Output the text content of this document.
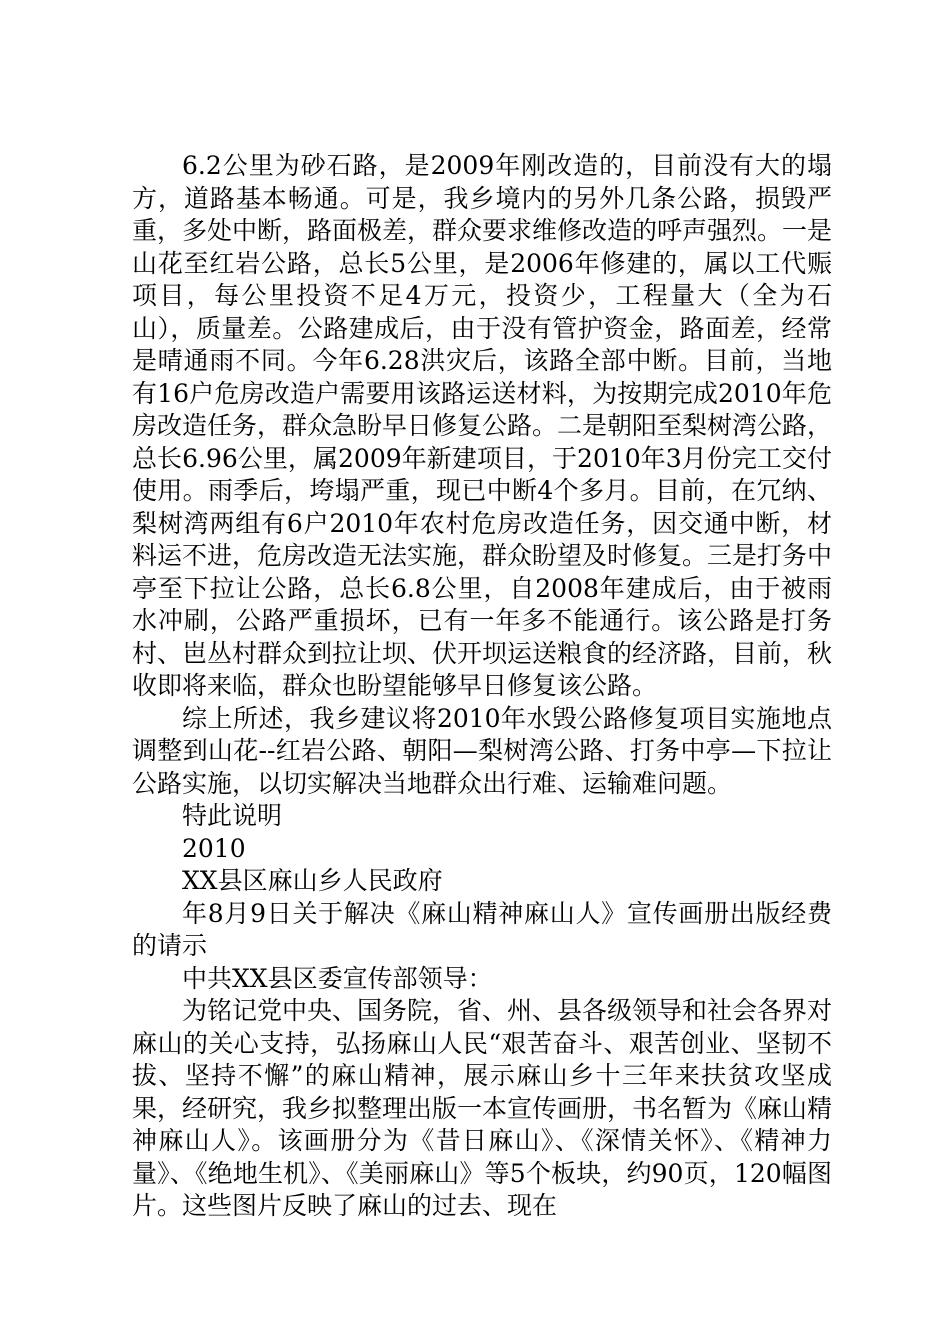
6.2公里为砂石路，是2009年刚改造的，目前没有大的塌方，道路基本畅通。可是，我乡境内的另外几条公路，损毁严重，多处中断，路面极差，群众要求维修改造的呼声强烈。一是山花至红岩公路，总长5公里，是2006年修建的，属以工代赈项目，每公里投资不足4万元，投资少，工程量大（全为石山），质量差。公路建成后，由于没有管护资金，路面差，经常是晴通雨不同。今年6.28洪灾后，该路全部中断。目前，当地有16户危房改造户需要用该路运送材料，为按期完成2010年危房改造任务，群众急盼早日修复公路。二是朝阳至梨树湾公路，总长6.96公里，属2009年新建项目，于2010年3月份完工交付使用。雨季后，垮塌严重，现已中断4个多月。目前，在冗纳、梨树湾两组有6户2010年农村危房改造任务，因交通中断，材料运不进，危房改造无法实施，群众盼望及时修复。三是打务中亭至下拉让公路，总长6.8公里，自2008年建成后，由于被雨水冲刷，公路严重损坏，已有一年多不能通行。该公路是打务村、岜丛村群众到拉让坝、伏开坝运送粮食的经济路，目前，秋收即将来临，群众也盼望能够早日修复该公路。

综上所述，我乡建议将2010年水毁公路修复项目实施地点调整到山花--红岩公路、朝阳—梨树湾公路、打务中亭—下拉让公路实施，以切实解决当地群众出行难、运输难问题。

特此说明

2010

XX县区麻山乡人民政府

年8月9日关于解决《麻山精神麻山人》宣传画册出版经费的请示

中共XX县区委宣传部领导：

为铭记党中央、国务院，省、州、县各级领导和社会各界对麻山的关心支持，弘扬麻山人民“艰苦奋斗、艰苦创业、坚韧不拔、坚持不懈”的麻山精神，展示麻山乡十三年来扶贫攻坚成果，经研究，我乡拟整理出版一本宣传画册，书名暂为《麻山精神麻山人》。该画册分为《昔日麻山》、《深情关怀》、《精神力量》、《绝地生机》、《美丽麻山》等5个板块，约90页，120幅图片。这些图片反映了麻山的过去、现在
